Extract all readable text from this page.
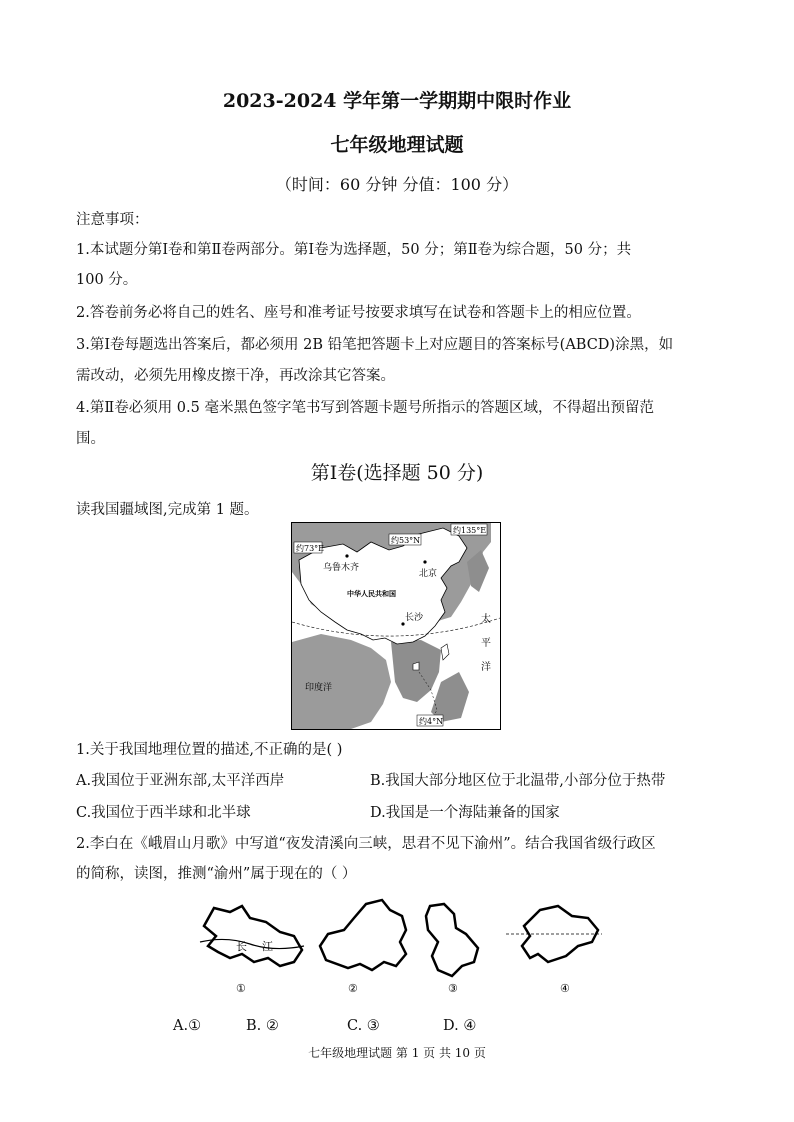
2023-2024 学年第一学期期中限时作业
七年级地理试题
（时间：60 分钟 分值：100 分）
注意事项：
1.本试题分第Ⅰ卷和第Ⅱ卷两部分。第Ⅰ卷为选择题，50 分；第Ⅱ卷为综合题，50 分；共
100 分。
2.答卷前务必将自己的姓名、座号和准考证号按要求填写在试卷和答题卡上的相应位置。
3.第Ⅰ卷每题选出答案后，都必须用 2B 铅笔把答题卡上对应题目的答案标号(ABCD)涂黑，如
需改动，必须先用橡皮擦干净，再改涂其它答案。
4.第Ⅱ卷必须用 0.5 毫米黑色签字笔书写到答题卡题号所指示的答题区域，不得超出预留范
围。
第Ⅰ卷(选择题 50 分)
读我国疆域图,完成第 1 题。
约73°E
约53°N
约135°E
约4°N
乌鲁木齐
北京
中华人民共和国
长沙
印度洋
太
平
洋
1.关于我国地理位置的描述,不正确的是( )
A.我国位于亚洲东部,太平洋西岸	B.我国大部分地区位于北温带,小部分位于热带
C.我国位于西半球和北半球	D.我国是一个海陆兼备的国家
2.李白在《峨眉山月歌》中写道“夜发清溪向三峡，思君不见下渝州”。结合我国省级行政区
的简称，读图，推测“渝州”属于现在的（ ）
长 江
①	②	③	④
A.①	B. ②	C. ③	D. ④
七年级地理试题 第 1 页 共 10 页
